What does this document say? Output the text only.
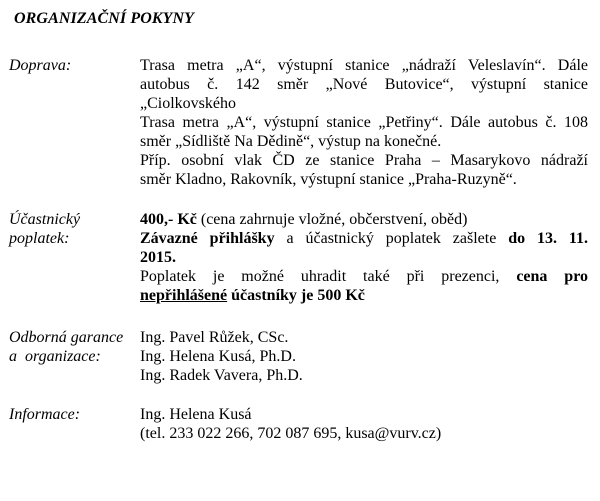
ORGANIZAČNÍ POKYNY
Doprava:	Trasa metra „A“, výstupní stanice „nádraží Veleslavín“. Dále
autobus č. 142 směr „Nové Butovice“, výstupní stanice
„Ciolkovského
Trasa metra „A“, výstupní stanice „Petřiny“. Dále autobus č. 108
směr „Sídliště Na Dědině“, výstup na konečné.
Příp. osobní vlak ČD ze stanice Praha – Masarykovo nádraží
směr Kladno, Rakovník, výstupní stanice „Praha-Ruzyně“.
Účastnický
poplatek:
400,- Kč (cena zahrnuje vložné, občerstvení, oběd)
Závazné přihlášky a účastnický poplatek zašlete do 13. 11.
2015.
Poplatek je možné uhradit také při prezenci, cena pro
nepřihlášené účastníky je 500 Kč
Odborná garance
a  organizace:
Ing. Pavel Růžek, CSc.
Ing. Helena Kusá, Ph.D.
Ing. Radek Vavera, Ph.D.
Informace:	Ing. Helena Kusá
(tel. 233 022 266, 702 087 695, kusa@vurv.cz)
